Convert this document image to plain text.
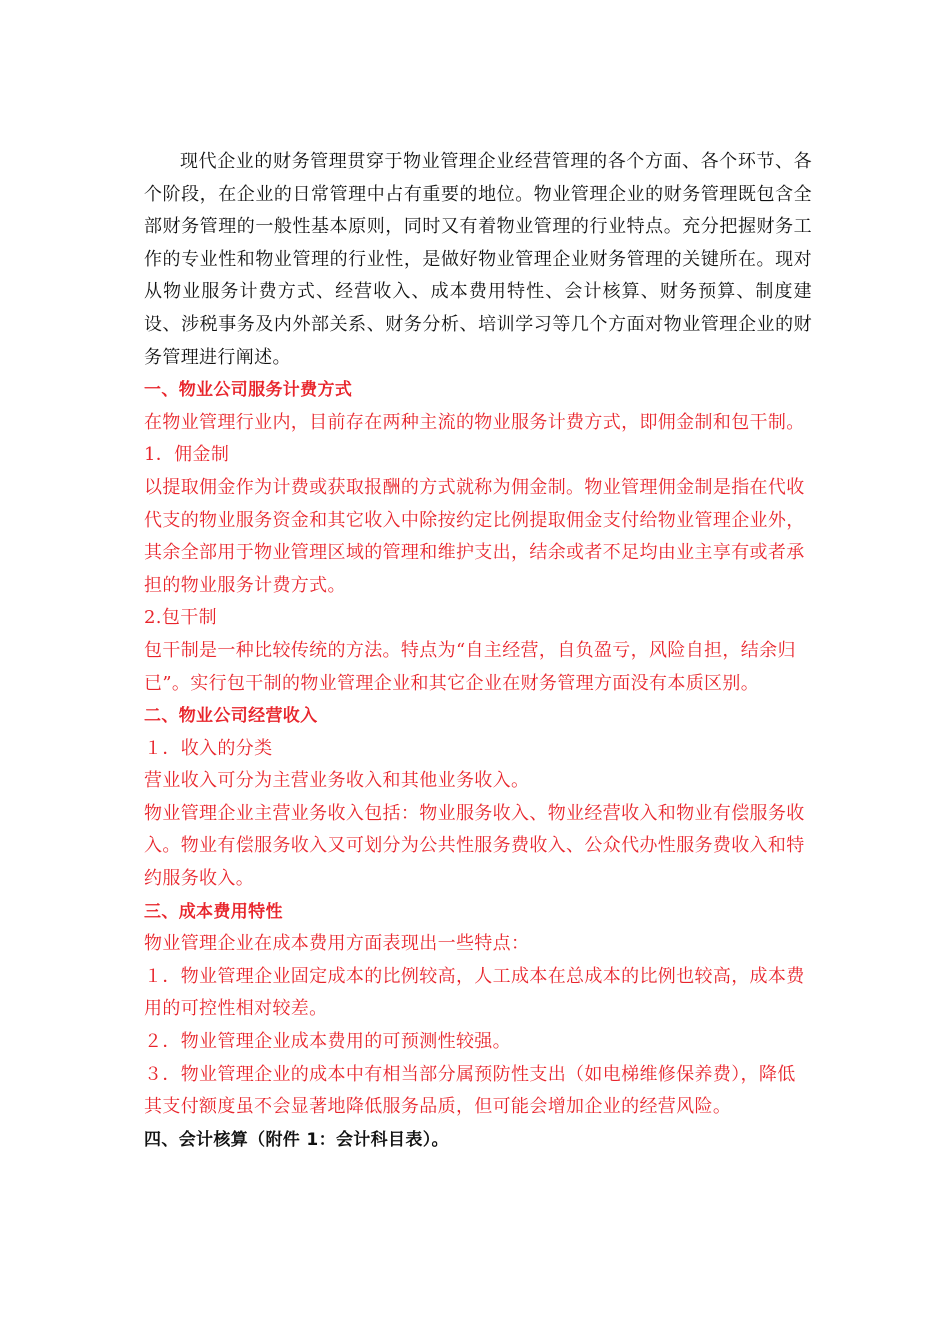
现代企业的财务管理贯穿于物业管理企业经营管理的各个方面、各个环节、各个阶段，在企业的日常管理中占有重要的地位。物业管理企业的财务管理既包含全部财务管理的一般性基本原则，同时又有着物业管理的行业特点。充分把握财务工作的专业性和物业管理的行业性，是做好物业管理企业财务管理的关键所在。现对从物业服务计费方式、经营收入、成本费用特性、会计核算、财务预算、制度建设、涉税事务及内外部关系、财务分析、培训学习等几个方面对物业管理企业的财务管理进行阐述。

一、物业公司服务计费方式

在物业管理行业内，目前存在两种主流的物业服务计费方式，即佣金制和包干制。

1．佣金制

以提取佣金作为计费或获取报酬的方式就称为佣金制。物业管理佣金制是指在代收代支的物业服务资金和其它收入中除按约定比例提取佣金支付给物业管理企业外，其余全部用于物业管理区域的管理和维护支出，结余或者不足均由业主享有或者承担的物业服务计费方式。

2.包干制

包干制是一种比较传统的方法。特点为“自主经营，自负盈亏，风险自担，结余归已”。实行包干制的物业管理企业和其它企业在财务管理方面没有本质区别。

二、物业公司经营收入

１．收入的分类

营业收入可分为主营业务收入和其他业务收入。

物业管理企业主营业务收入包括：物业服务收入、物业经营收入和物业有偿服务收入。物业有偿服务收入又可划分为公共性服务费收入、公众代办性服务费收入和特约服务收入。

三、成本费用特性

物业管理企业在成本费用方面表现出一些特点：

１．物业管理企业固定成本的比例较高，人工成本在总成本的比例也较高，成本费用的可控性相对较差。

２．物业管理企业成本费用的可预测性较强。

３．物业管理企业的成本中有相当部分属预防性支出（如电梯维修保养费），降低其支付额度虽不会显著地降低服务品质，但可能会增加企业的经营风险。

四、会计核算（附件 1：会计科目表）。
